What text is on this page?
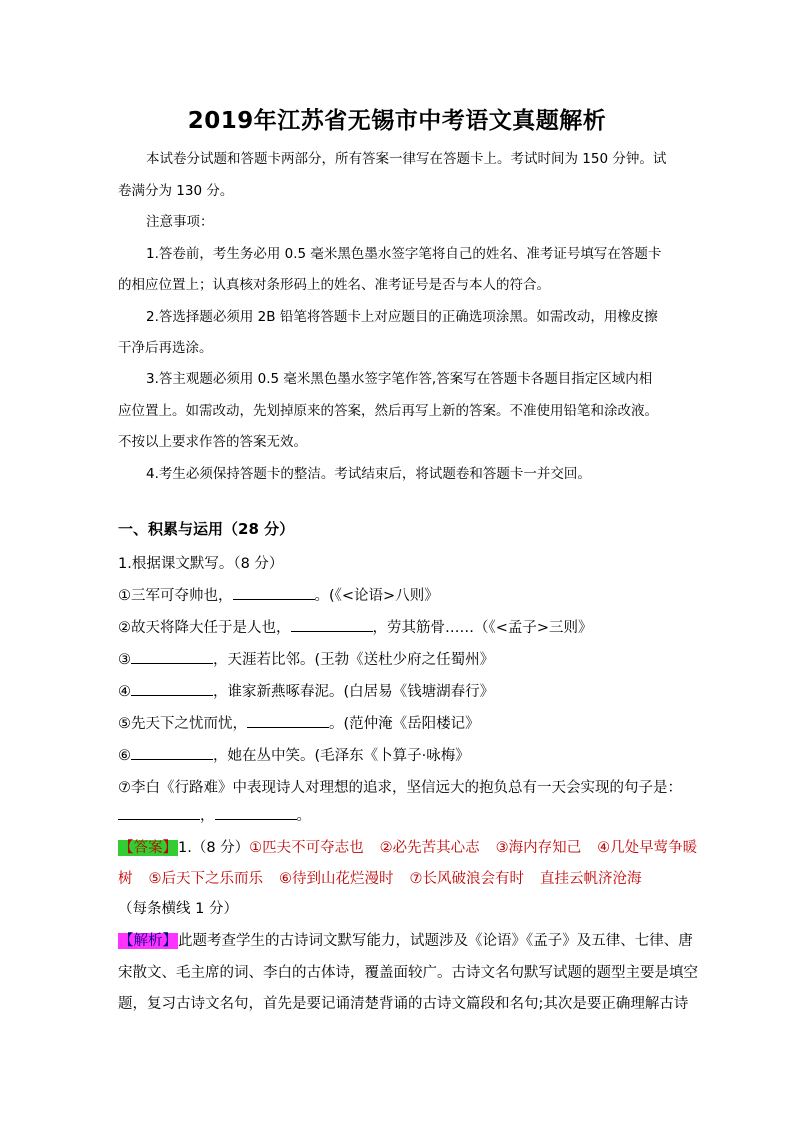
2019年江苏省无锡市中考语文真题解析
本试卷分试题和答题卡两部分，所有答案一律写在答题卡上。考试时间为 150 分钟。试
卷满分为 130 分。
注意事项：
1.答卷前，考生务必用 0.5 毫米黑色墨水签字笔将自己的姓名、准考证号填写在答题卡
的相应位置上；认真核对条形码上的姓名、准考证号是否与本人的符合。
2.答选择题必须用 2B 铅笔将答题卡上对应题目的正确选项涂黑。如需改动，用橡皮擦
干净后再选涂。
3.答主观题必须用 0.5 毫米黑色墨水签字笔作答,答案写在答题卡各题目指定区域内相
应位置上。如需改动，先划掉原来的答案，然后再写上新的答案。不准使用铅笔和涂改液。
不按以上要求作答的答案无效。
4.考生必须保持答题卡的整洁。考试结束后，将试题卷和答题卡一并交回。
一、积累与运用（28 分）
1.根据课文默写。（8 分）
①三军可夺帅也，	。(《<论语>八则》
②故天将降大任于是人也，	，劳其筋骨……（《<孟子>三则》
③	，天涯若比邻。(王勃《送杜少府之任蜀州》
④	，谁家新燕啄春泥。(白居易《钱塘湖春行》
⑤先天下之忧而忧，	。(范仲淹《岳阳楼记》
⑥	，她在丛中笑。(毛泽东《卜算子·咏梅》
⑦李白《行路难》中表现诗人对理想的追求，坚信远大的抱负总有一天会实现的句子是：
，	。
【答案】1.（8 分）①匹夫不可夺志也 ②必先苦其心志 ③海内存知己 ④几处早莺争暖
树 ⑤后天下之乐而乐 ⑥待到山花烂漫时 ⑦长风破浪会有时 直挂云帆济沧海
（每条横线 1 分）
【解析】此题考查学生的古诗词文默写能力，试题涉及《论语》《孟子》及五律、七律、唐
宋散文、毛主席的词、李白的古体诗，覆盖面较广。古诗文名句默写试题的题型主要是填空
题，复习古诗文名句，首先是要记诵清楚背诵的古诗文篇段和名句;其次是要正确理解古诗
